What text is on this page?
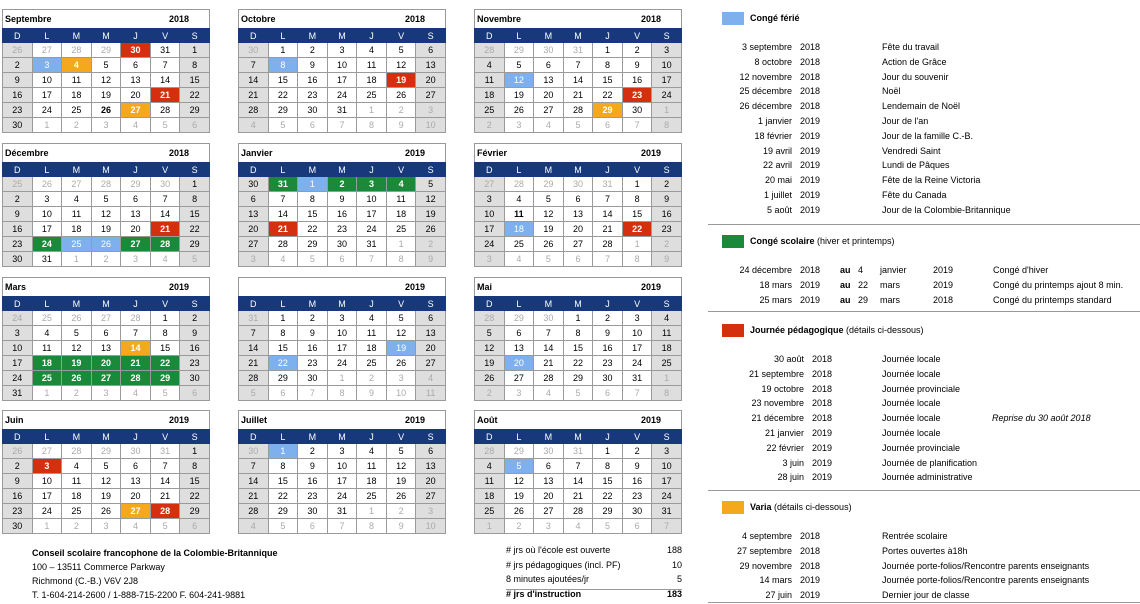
Septembre	2018
D	L	M	M	J	V	S
26	27	28	29	30	31	1
2	3	4	5	6	7	8
9	10	11	12	13	14	15
16	17	18	19	20	21	22
23	24	25	26	27	28	29
30	1	2	3	4	5	6
Octobre	2018
D	L	M	M	J	V	S
30	1	2	3	4	5	6
7	8	9	10	11	12	13
14	15	16	17	18	19	20
21	22	23	24	25	26	27
28	29	30	31	1	2	3
4	5	6	7	8	9	10
Novembre	2018
D	L	M	M	J	V	S
28	29	30	31	1	2	3
4	5	6	7	8	9	10
11	12	13	14	15	16	17
18	19	20	21	22	23	24
25	26	27	28	29	30	1
2	3	4	5	6	7	8
Décembre	2018
D	L	M	M	J	V	S
25	26	27	28	29	30	1
2	3	4	5	6	7	8
9	10	11	12	13	14	15
16	17	18	19	20	21	22
23	24	25	26	27	28	29
30	31	1	2	3	4	5
Janvier	2019
D	L	M	M	J	V	S
30	31	1	2	3	4	5
6	7	8	9	10	11	12
13	14	15	16	17	18	19
20	21	22	23	24	25	26
27	28	29	30	31	1	2
3	4	5	6	7	8	9
Février	2019
D	L	M	M	J	V	S
27	28	29	30	31	1	2
3	4	5	6	7	8	9
10	11	12	13	14	15	16
17	18	19	20	21	22	23
24	25	26	27	28	1	2
3	4	5	6	7	8	9
Mars	2019
D	L	M	M	J	V	S
24	25	26	27	28	1	2
3	4	5	6	7	8	9
10	11	12	13	14	15	16
17	18	19	20	21	22	23
24	25	26	27	28	29	30
31	1	2	3	4	5	6
2019
D	L	M	M	J	V	S
31	1	2	3	4	5	6
7	8	9	10	11	12	13
14	15	16	17	18	19	20
21	22	23	24	25	26	27
28	29	30	1	2	3	4
5	6	7	8	9	10	11
Mai	2019
D	L	M	M	J	V	S
28	29	30	1	2	3	4
5	6	7	8	9	10	11
12	13	14	15	16	17	18
19	20	21	22	23	24	25
26	27	28	29	30	31	1
2	3	4	5	6	7	8
Juin	2019
D	L	M	M	J	V	S
26	27	28	29	30	31	1
2	3	4	5	6	7	8
9	10	11	12	13	14	15
16	17	18	19	20	21	22
23	24	25	26	27	28	29
30	1	2	3	4	5	6
Juillet	2019
D	L	M	M	J	V	S
30	1	2	3	4	5	6
7	8	9	10	11	12	13
14	15	16	17	18	19	20
21	22	23	24	25	26	27
28	29	30	31	1	2	3
4	5	6	7	8	9	10
Août	2019
D	L	M	M	J	V	S
28	29	30	31	1	2	3
4	5	6	7	8	9	10
11	12	13	14	15	16	17
18	19	20	21	22	23	24
25	26	27	28	29	30	31
1	2	3	4	5	6	7
Congé férié
3 septembre 2018	Fête du travail
8 octobre 2018	Action de Grâce
12 novembre 2018	Jour du souvenir
25 décembre 2018	Noël
26 décembre 2018	Lendemain de Noël
1 janvier 2019	Jour de l'an
18 février 2019	Jour de la famille C.-B.
19 avril 2019	Vendredi Saint
22 avril 2019	Lundi de Pâques
20 mai 2019	Fête de la Reine Victoria
1 juillet 2019	Fête du Canada
5 août 2019	Jour de la Colombie-Britannique
Congé scolaire (hiver et printemps)
24 décembre 2018 au 4 janvier	2019	Congé d'hiver
18 mars 2019 au 22 mars	2019	Congé du printemps ajout 8 min.
25 mars 2019 au 29 mars	2018	Congé du printemps standard
Journée pédagogique (détails ci-dessous)
30 août 2018	Journée locale
21 septembre 2018	Journée locale
19 octobre 2018	Journée provinciale
23 novembre 2018	Journée locale
21 décembre 2018	Journée locale	Reprise du 30 août 2018
21 janvier 2019	Journée locale
22 février 2019	Journée provinciale
3 juin 2019	Journée de planification
28 juin 2019	Journée administrative
Varia (détails ci-dessous)
4 septembre 2018	Rentrée scolaire
27 septembre 2018	Portes ouvertes à18h
29 novembre 2018	Journée porte-folios/Rencontre parents enseignants
14 mars 2019	Journée porte-folios/Rencontre parents enseignants
27 juin 2019	Dernier jour de classe
Conseil scolaire francophone de la Colombie-Britannique
100 – 13511 Commerce Parkway
Richmond (C.-B.) V6V 2J8
T. 1-604-214-2600 / 1-888-715-2200 F. 604-241-9881
# jrs où l'école est ouverte	188
# jrs pédagogiques (incl. PF)	10
8 minutes ajoutées/jr	5
# jrs d'instruction	183
